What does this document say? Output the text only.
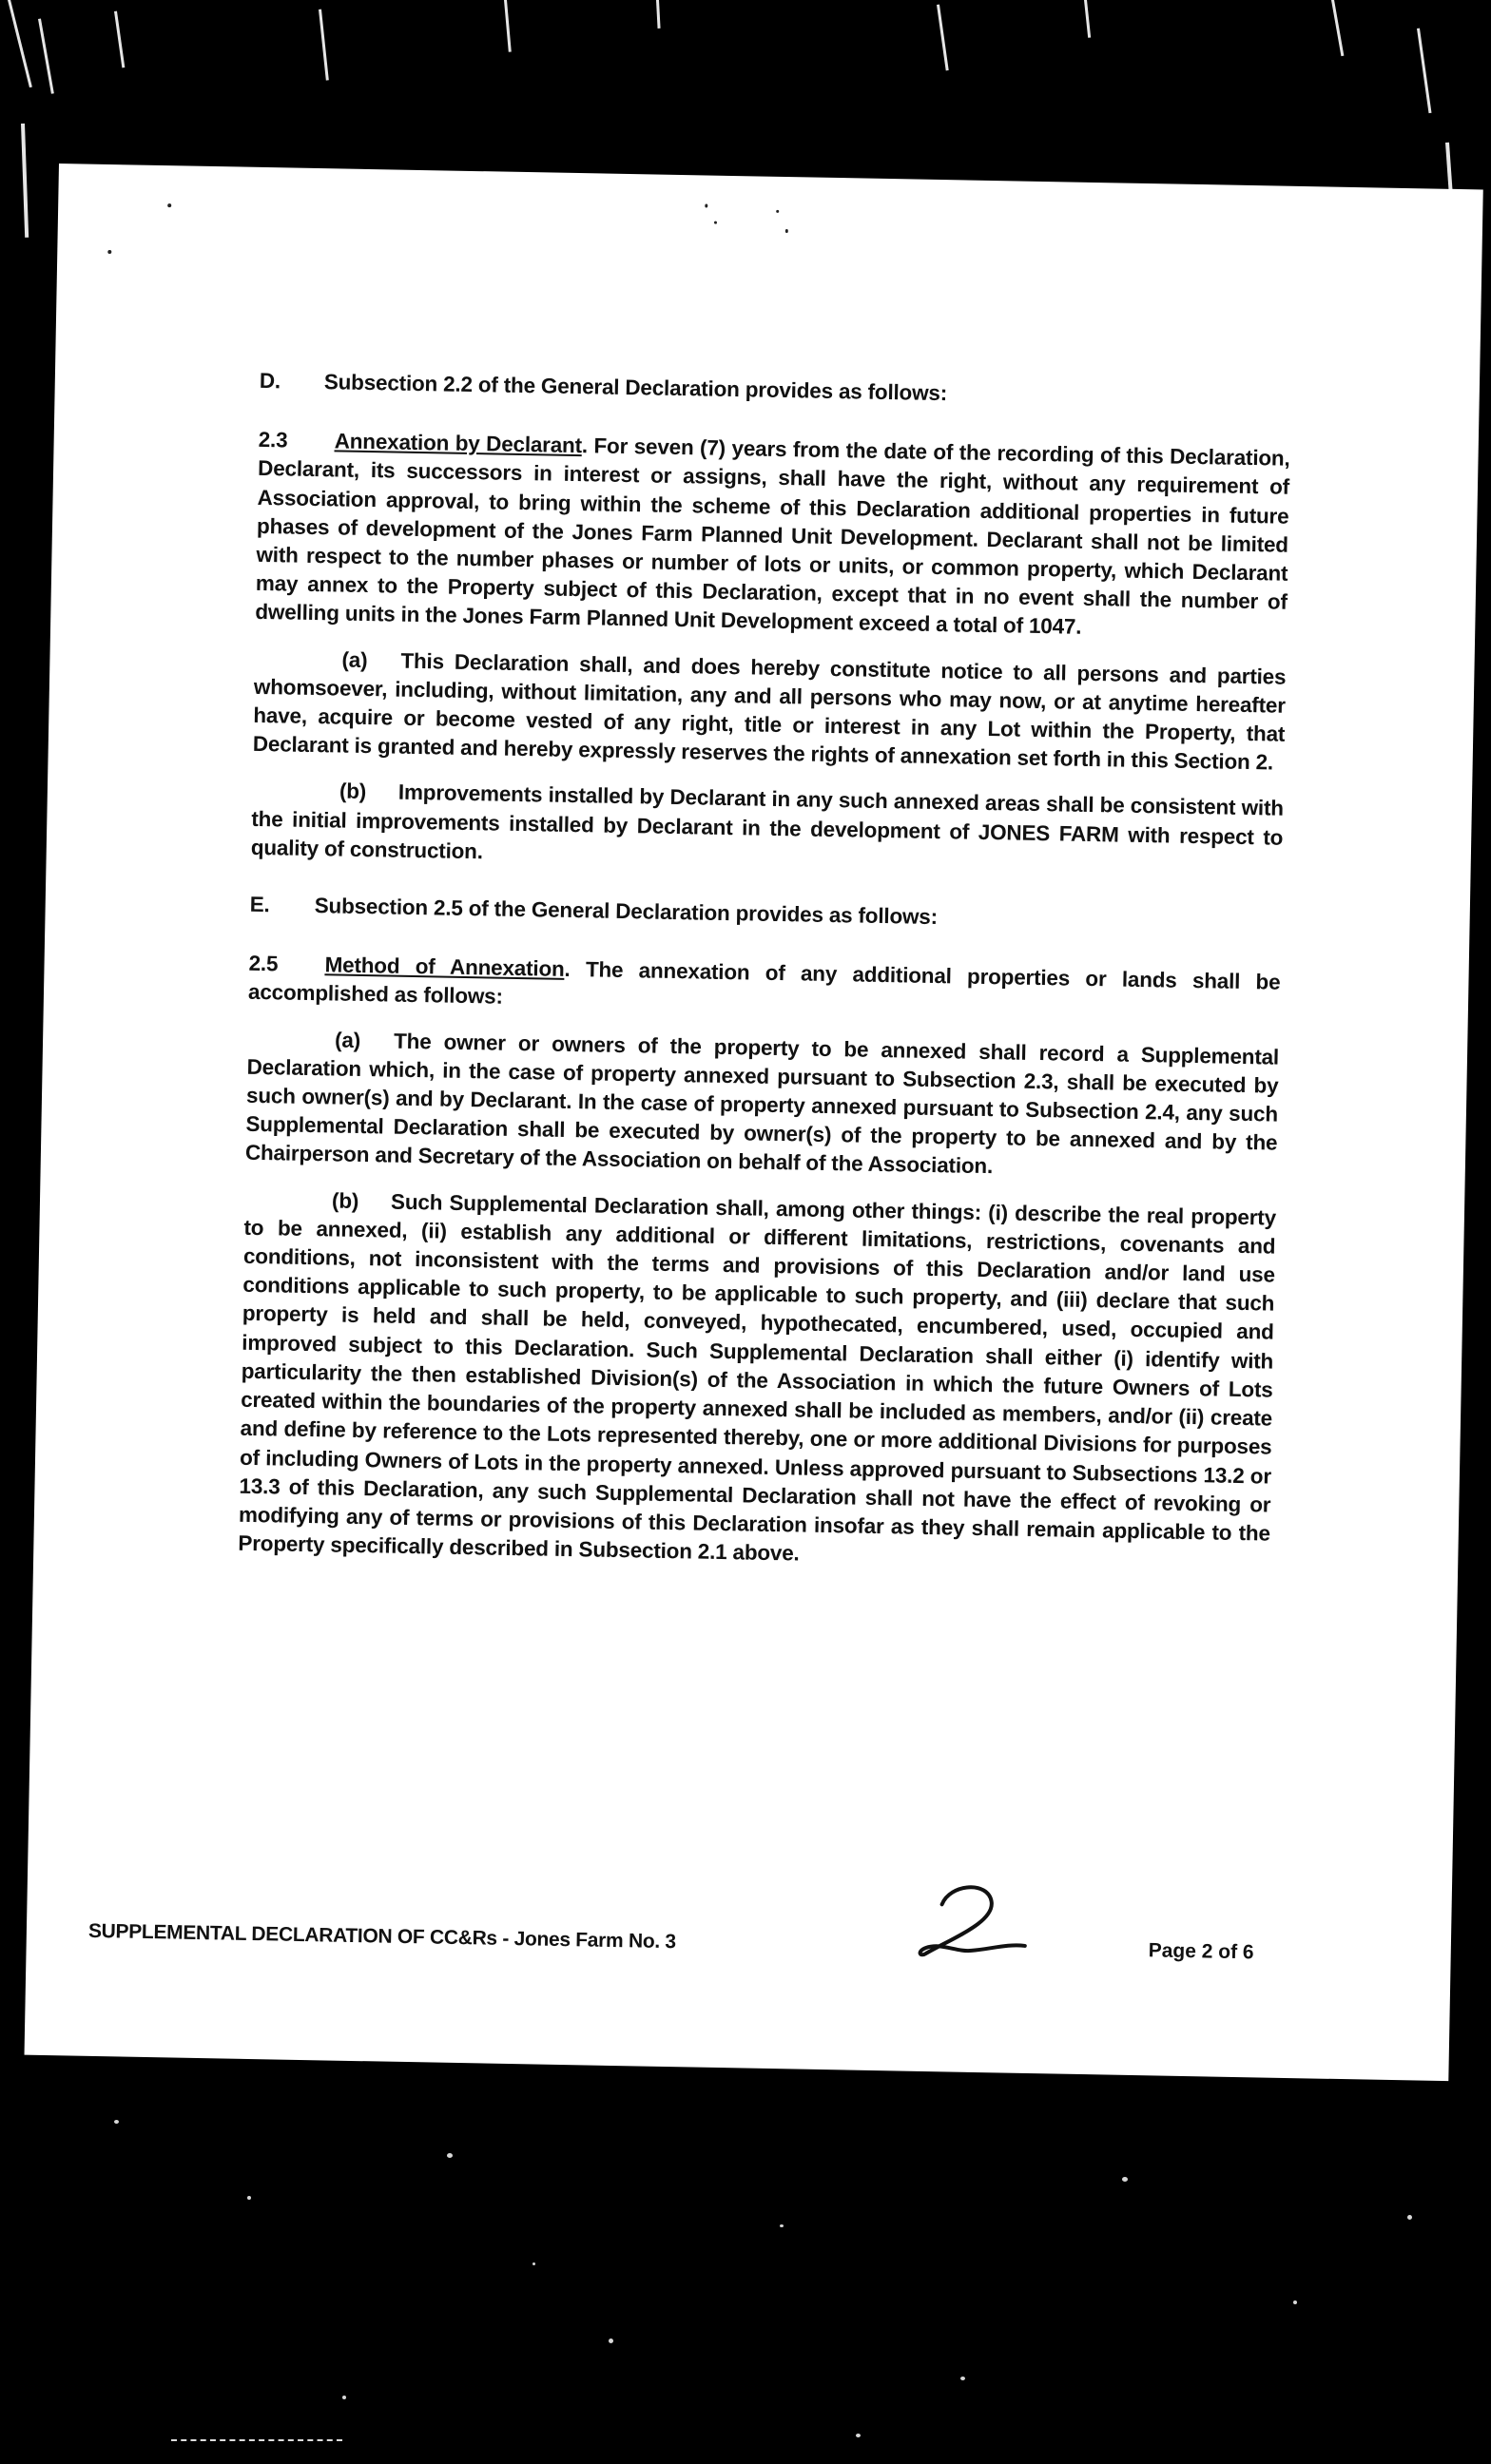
D.	Subsection 2.2 of the General Declaration provides as follows:

2.3 Annexation by Declarant. For seven (7) years from the date of the recording of this Declaration, Declarant, its successors in interest or assigns, shall have the right, without any requirement of Association approval, to bring within the scheme of this Declaration additional properties in future phases of development of the Jones Farm Planned Unit Development. Declarant shall not be limited with respect to the number phases or number of lots or units, or common property, which Declarant may annex to the Property subject of this Declaration, except that in no event shall the number of dwelling units in the Jones Farm Planned Unit Development exceed a total of 1047.

(a) This Declaration shall, and does hereby constitute notice to all persons and parties whomsoever, including, without limitation, any and all persons who may now, or at anytime hereafter have, acquire or become vested of any right, title or interest in any Lot within the Property, that Declarant is granted and hereby expressly reserves the rights of annexation set forth in this Section 2.

(b) Improvements installed by Declarant in any such annexed areas shall be consistent with the initial improvements installed by Declarant in the development of JONES FARM with respect to quality of construction.

E.	Subsection 2.5 of the General Declaration provides as follows:

2.5 Method of Annexation. The annexation of any additional properties or lands shall be accomplished as follows:

(a) The owner or owners of the property to be annexed shall record a Supplemental Declaration which, in the case of property annexed pursuant to Subsection 2.3, shall be executed by such owner(s) and by Declarant. In the case of property annexed pursuant to Subsection 2.4, any such Supplemental Declaration shall be executed by owner(s) of the property to be annexed and by the Chairperson and Secretary of the Association on behalf of the Association.

(b) Such Supplemental Declaration shall, among other things: (i) describe the real property to be annexed, (ii) establish any additional or different limitations, restrictions, covenants and conditions, not inconsistent with the terms and provisions of this Declaration and/or land use conditions applicable to such property, to be applicable to such property, and (iii) declare that such property is held and shall be held, conveyed, hypothecated, encumbered, used, occupied and improved subject to this Declaration. Such Supplemental Declaration shall either (i) identify with particularity the then established Division(s) of the Association in which the future Owners of Lots created within the boundaries of the property annexed shall be included as members, and/or (ii) create and define by reference to the Lots represented thereby, one or more additional Divisions for purposes of including Owners of Lots in the property annexed. Unless approved pursuant to Subsections 13.2 or 13.3 of this Declaration, any such Supplemental Declaration shall not have the effect of revoking or modifying any of terms or provisions of this Declaration insofar as they shall remain applicable to the Property specifically described in Subsection 2.1 above.

SUPPLEMENTAL DECLARATION OF CC&Rs - Jones Farm No. 3	Page 2 of 6
